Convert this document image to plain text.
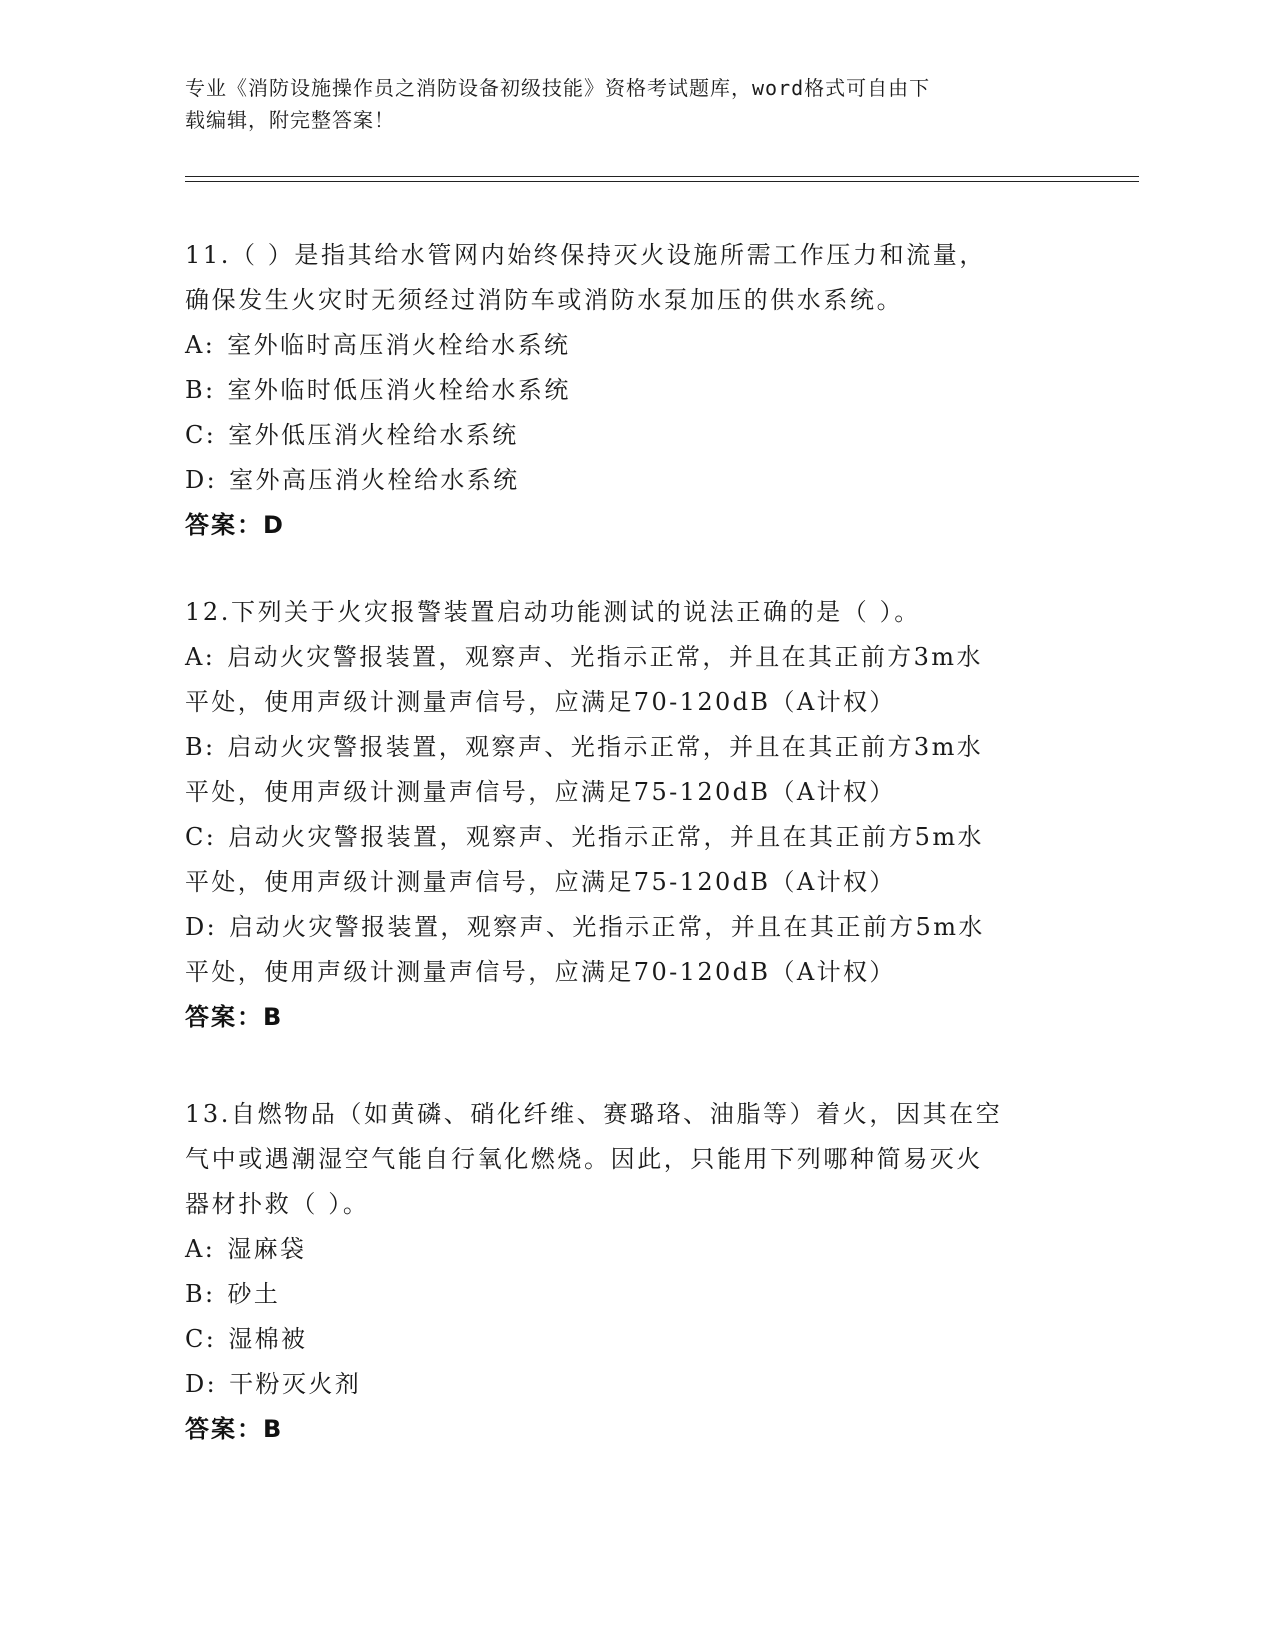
专业《消防设施操作员之消防设备初级技能》资格考试题库，word格式可自由下
载编辑，附完整答案！
11.（ ）是指其给水管网内始终保持灭火设施所需工作压力和流量，
确保发生火灾时无须经过消防车或消防水泵加压的供水系统。
A: 室外临时高压消火栓给水系统
B: 室外临时低压消火栓给水系统
C: 室外低压消火栓给水系统
D: 室外高压消火栓给水系统
答案：D
12.下列关于火灾报警装置启动功能测试的说法正确的是（ ）。
A: 启动火灾警报装置，观察声、光指示正常，并且在其正前方3m水
平处，使用声级计测量声信号，应满足70-120dB（A计权）
B: 启动火灾警报装置，观察声、光指示正常，并且在其正前方3m水
平处，使用声级计测量声信号，应满足75-120dB（A计权）
C: 启动火灾警报装置，观察声、光指示正常，并且在其正前方5m水
平处，使用声级计测量声信号，应满足75-120dB（A计权）
D: 启动火灾警报装置，观察声、光指示正常，并且在其正前方5m水
平处，使用声级计测量声信号，应满足70-120dB（A计权）
答案：B
13.自燃物品（如黄磷、硝化纤维、赛璐珞、油脂等）着火，因其在空
气中或遇潮湿空气能自行氧化燃烧。因此，只能用下列哪种简易灭火
器材扑救（ ）。
A: 湿麻袋
B: 砂土
C: 湿棉被
D: 干粉灭火剂
答案：B
